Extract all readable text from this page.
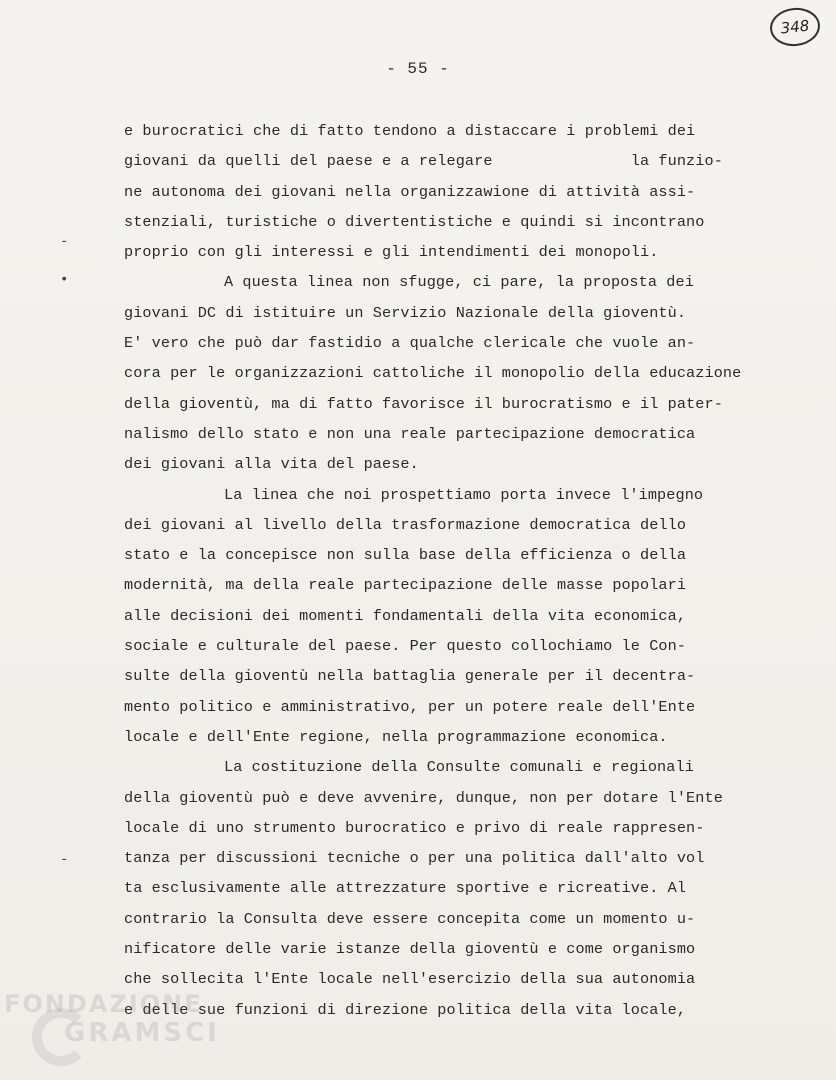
348
- 55 -
e burocratici che di fatto tendono a distaccare i problemi dei
giovani da quelli del paese e a relegare               la funzio-
ne autonoma dei giovani nella organizzawione di attività assi-
stenziali, turistiche o divertentistiche e quindi si incontrano
proprio con gli interessi e gli intendimenti dei monopoli.
A questa linea non sfugge, ci pare, la proposta dei
giovani DC di istituire un Servizio Nazionale della gioventù.
E' vero che può dar fastidio a qualche clericale che vuole an-
cora per le organizzazioni cattoliche il monopolio della educazione
della gioventù, ma di fatto favorisce il burocratismo e il pater-
nalismo dello stato e non una reale partecipazione democratica
dei giovani alla vita del paese.
La linea che noi prospettiamo porta invece l'impegno
dei giovani al livello della trasformazione democratica dello
stato e la concepisce non sulla base della efficienza o della
modernità, ma della reale partecipazione delle masse popolari
alle decisioni dei momenti fondamentali della vita economica,
sociale e culturale del paese. Per questo collochiamo le Con-
sulte della gioventù nella battaglia generale per il decentra-
mento politico e amministrativo, per un potere reale dell'Ente
locale e dell'Ente regione, nella programmazione economica.
La costituzione della Consulte comunali e regionali
della gioventù può e deve avvenire, dunque, non per dotare l'Ente
locale di uno strumento burocratico e privo di reale rappresen-
tanza per discussioni tecniche o per una politica dall'alto vol
ta esclusivamente alle attrezzature sportive e ricreative. Al
contrario la Consulta deve essere concepita come un momento u-
nificatore delle varie istanze della gioventù e come organismo
che sollecita l'Ente locale nell'esercizio della sua autonomia
e delle sue funzioni di direzione politica della vita locale,
-
•
-
FONDAZIONE
GRAMSCI
